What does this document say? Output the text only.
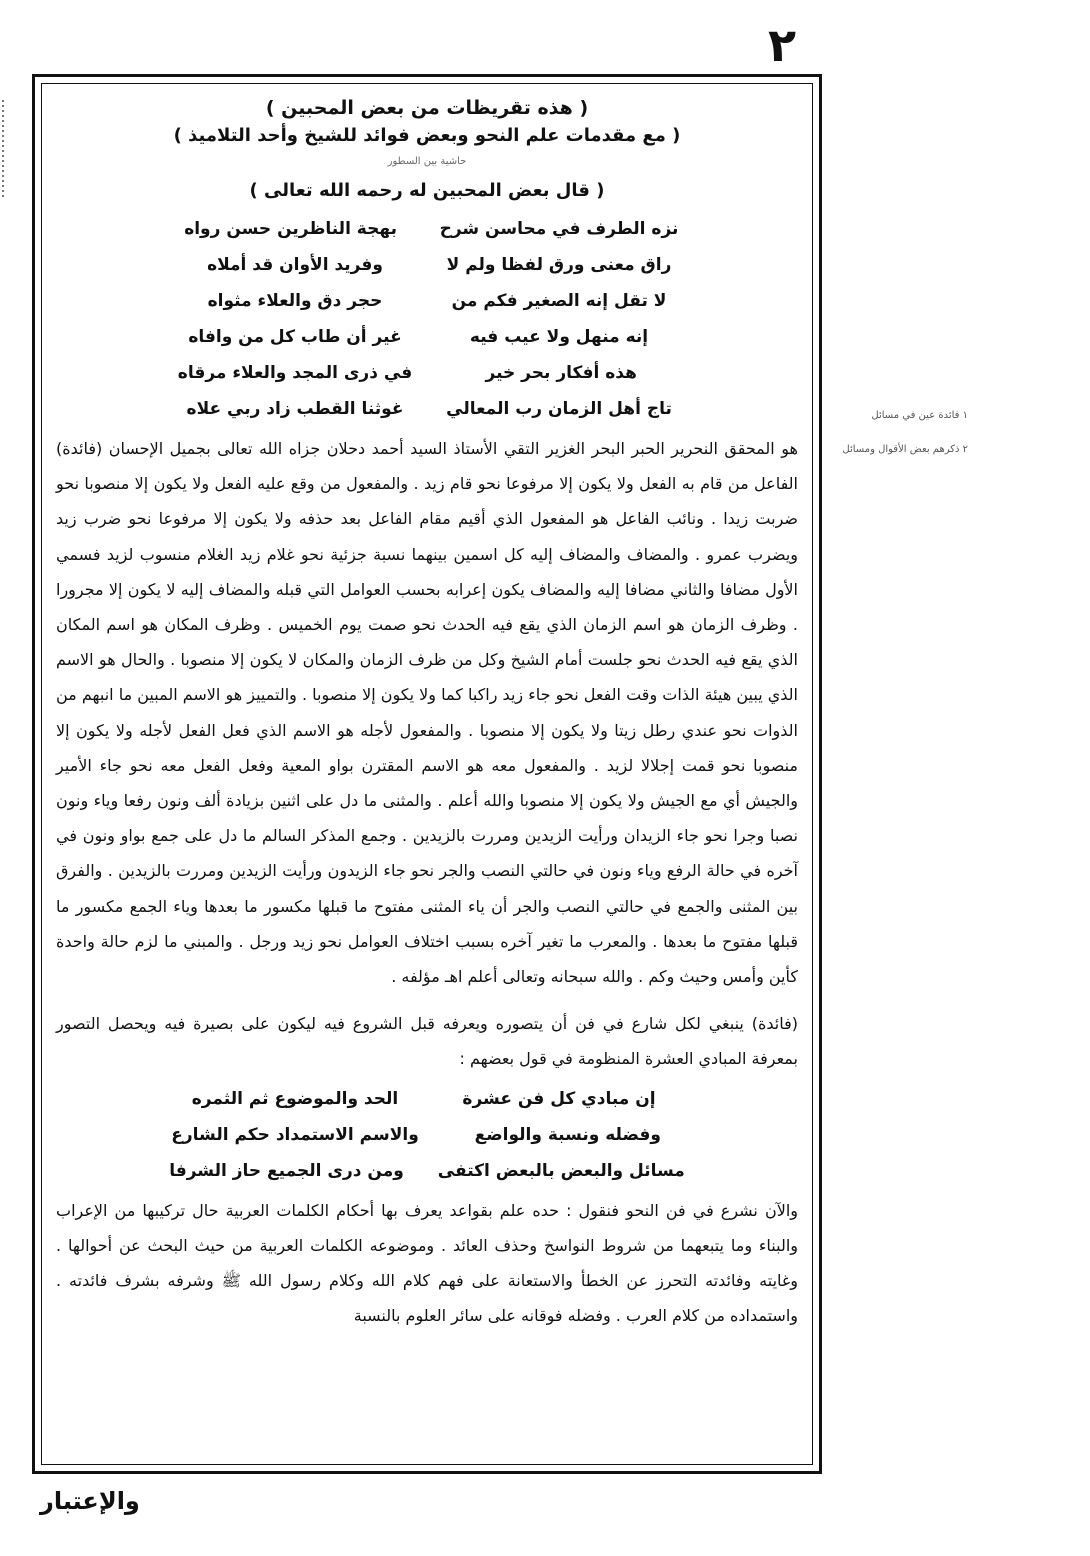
٢

١ فائدة عين في مسائل

٢ ذكرهم بعض الأقوال ومسائل

( هذه تقريظات من بعض المحبين )
( مع مقدمات علم النحو وبعض فوائد للشيخ وأحد التلاميذ )
حاشية بين السطور
( قال بعض المحبين له رحمه الله تعالى )
نزه الطرف في محاسن شرح
بهجة الناظرين حسن رواه
راق معنى ورق لفظا ولم لا
وفريد الأوان قد أملاه
لا تقل إنه الصغير فكم من
حجر دق والعلاء مثواه
إنه منهل ولا عيب فيه
غير أن طاب كل من وافاه
هذه أفكار بحر خير
في ذرى المجد والعلاء مرقاه
تاج أهل الزمان رب المعالي
غوثنا القطب زاد ربي علاه

هو المحقق النحرير الحبر البحر الغزير التقي الأستاذ السيد أحمد دحلان جزاه الله تعالى بجميل الإحسان (فائدة) الفاعل من قام به الفعل ولا يكون إلا مرفوعا نحو قام زيد . والمفعول من وقع عليه الفعل ولا يكون إلا منصوبا نحو ضربت زيدا . ونائب الفاعل هو المفعول الذي أقيم مقام الفاعل بعد حذفه ولا يكون إلا مرفوعا نحو ضرب زيد ويضرب عمرو . والمضاف والمضاف إليه كل اسمين بينهما نسبة جزئية نحو غلام زيد الغلام منسوب لزيد فسمي الأول مضافا والثاني مضافا إليه والمضاف يكون إعرابه بحسب العوامل التي قبله والمضاف إليه لا يكون إلا مجرورا . وظرف الزمان هو اسم الزمان الذي يقع فيه الحدث نحو صمت يوم الخميس . وظرف المكان هو اسم المكان الذي يقع فيه الحدث نحو جلست أمام الشيخ وكل من ظرف الزمان والمكان لا يكون إلا منصوبا . والحال هو الاسم الذي يبين هيئة الذات وقت الفعل نحو جاء زيد راكبا كما ولا يكون إلا منصوبا . والتمييز هو الاسم المبين ما انبهم من الذوات نحو عندي رطل زيتا ولا يكون إلا منصوبا . والمفعول لأجله هو الاسم الذي فعل الفعل لأجله ولا يكون إلا منصوبا نحو قمت إجلالا لزيد . والمفعول معه هو الاسم المقترن بواو المعية وفعل الفعل معه نحو جاء الأمير والجيش أي مع الجيش ولا يكون إلا منصوبا والله أعلم . والمثنى ما دل على اثنين بزيادة ألف ونون رفعا وياء ونون نصبا وجرا نحو جاء الزيدان ورأيت الزيدين ومررت بالزيدين . وجمع المذكر السالم ما دل على جمع بواو ونون في آخره في حالة الرفع وياء ونون في حالتي النصب والجر نحو جاء الزيدون ورأيت الزيدين ومررت بالزيدين . والفرق بين المثنى والجمع في حالتي النصب والجر أن ياء المثنى مفتوح ما قبلها مكسور ما بعدها وياء الجمع مكسور ما قبلها مفتوح ما بعدها . والمعرب ما تغير آخره بسبب اختلاف العوامل نحو زيد ورجل . والمبني ما لزم حالة واحدة كأين وأمس وحيث وكم . والله سبحانه وتعالى أعلم اهـ مؤلفه .

(فائدة) ينبغي لكل شارع في فن أن يتصوره ويعرفه قبل الشروع فيه ليكون على بصيرة فيه ويحصل التصور بمعرفة المبادي العشرة المنظومة في قول بعضهم :

إن مبادي كل فن عشرة
الحد والموضوع ثم الثمره
وفضله ونسبة والواضع
والاسم الاستمداد حكم الشارع
مسائل والبعض بالبعض اكتفى
ومن درى الجميع حاز الشرفا

والآن نشرع في فن النحو فنقول : حده علم بقواعد يعرف بها أحكام الكلمات العربية حال تركيبها من الإعراب والبناء وما يتبعهما من شروط النواسخ وحذف العائد . وموضوعه الكلمات العربية من حيث البحث عن أحوالها . وغايته وفائدته التحرز عن الخطأ والاستعانة على فهم كلام الله وكلام رسول الله ﷺ وشرفه بشرف فائدته . واستمداده من كلام العرب . وفضله فوقانه على سائر العلوم بالنسبة

والإعتبار
